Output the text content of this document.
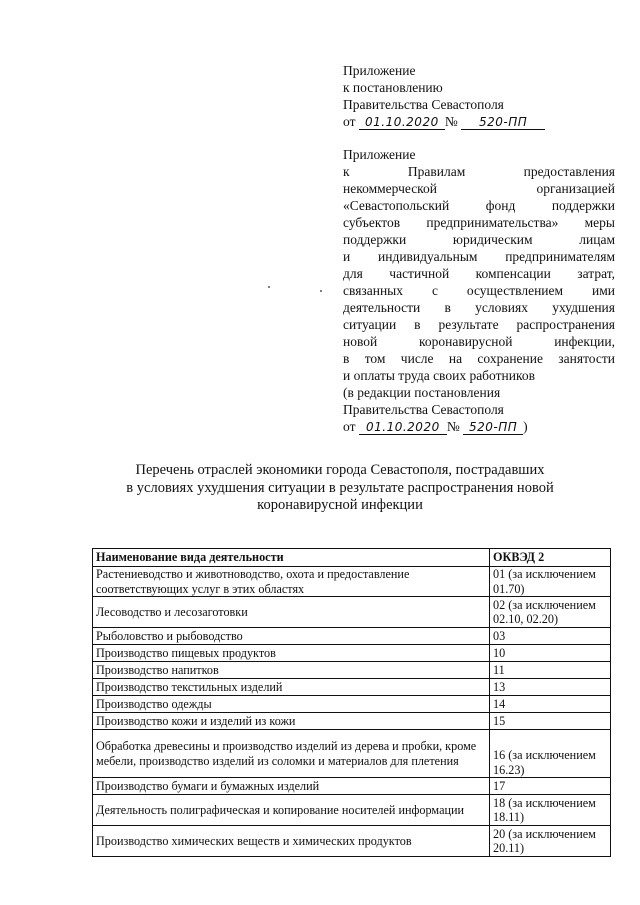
Приложение
к постановлению
Правительства Севастополя
от 01.10.2020 № 520-ПП
Приложение
к Правилам предоставления
некоммерческой организацией
«Севастопольский фонд поддержки
субъектов предпринимательства» меры
поддержки юридическим лицам
и индивидуальным предпринимателям
для частичной компенсации затрат,
связанных с осуществлением ими
деятельности в условиях ухудшения
ситуации в результате распространения
новой коронавирусной инфекции,
в том числе на сохранение занятости
и оплаты труда своих работников
(в редакции постановления
Правительства Севастополя
от 01.10.2020 № 520-ПП )
Перечень отраслей экономики города Севастополя, пострадавших
в условиях ухудшения ситуации в результате распространения новой
коронавирусной инфекции
Наименование вида деятельности	ОКВЭД 2
Растениеводство и животноводство, охота и предоставление соответствующих услуг в этих областях	01 (за исключением 01.70)
Лесоводство и лесозаготовки	02 (за исключением 02.10, 02.20)
Рыболовство и рыбоводство	03
Производство пищевых продуктов	10
Производство напитков	11
Производство текстильных изделий	13
Производство одежды	14
Производство кожи и изделий из кожи	15
Обработка древесины и производство изделий из дерева и пробки, кроме мебели, производство изделий из соломки и материалов для плетения	16 (за исключением 16.23)
Производство бумаги и бумажных изделий	17
Деятельность полиграфическая и копирование носителей информации	18 (за исключением 18.11)
Производство химических веществ и химических продуктов	20 (за исключением 20.11)
